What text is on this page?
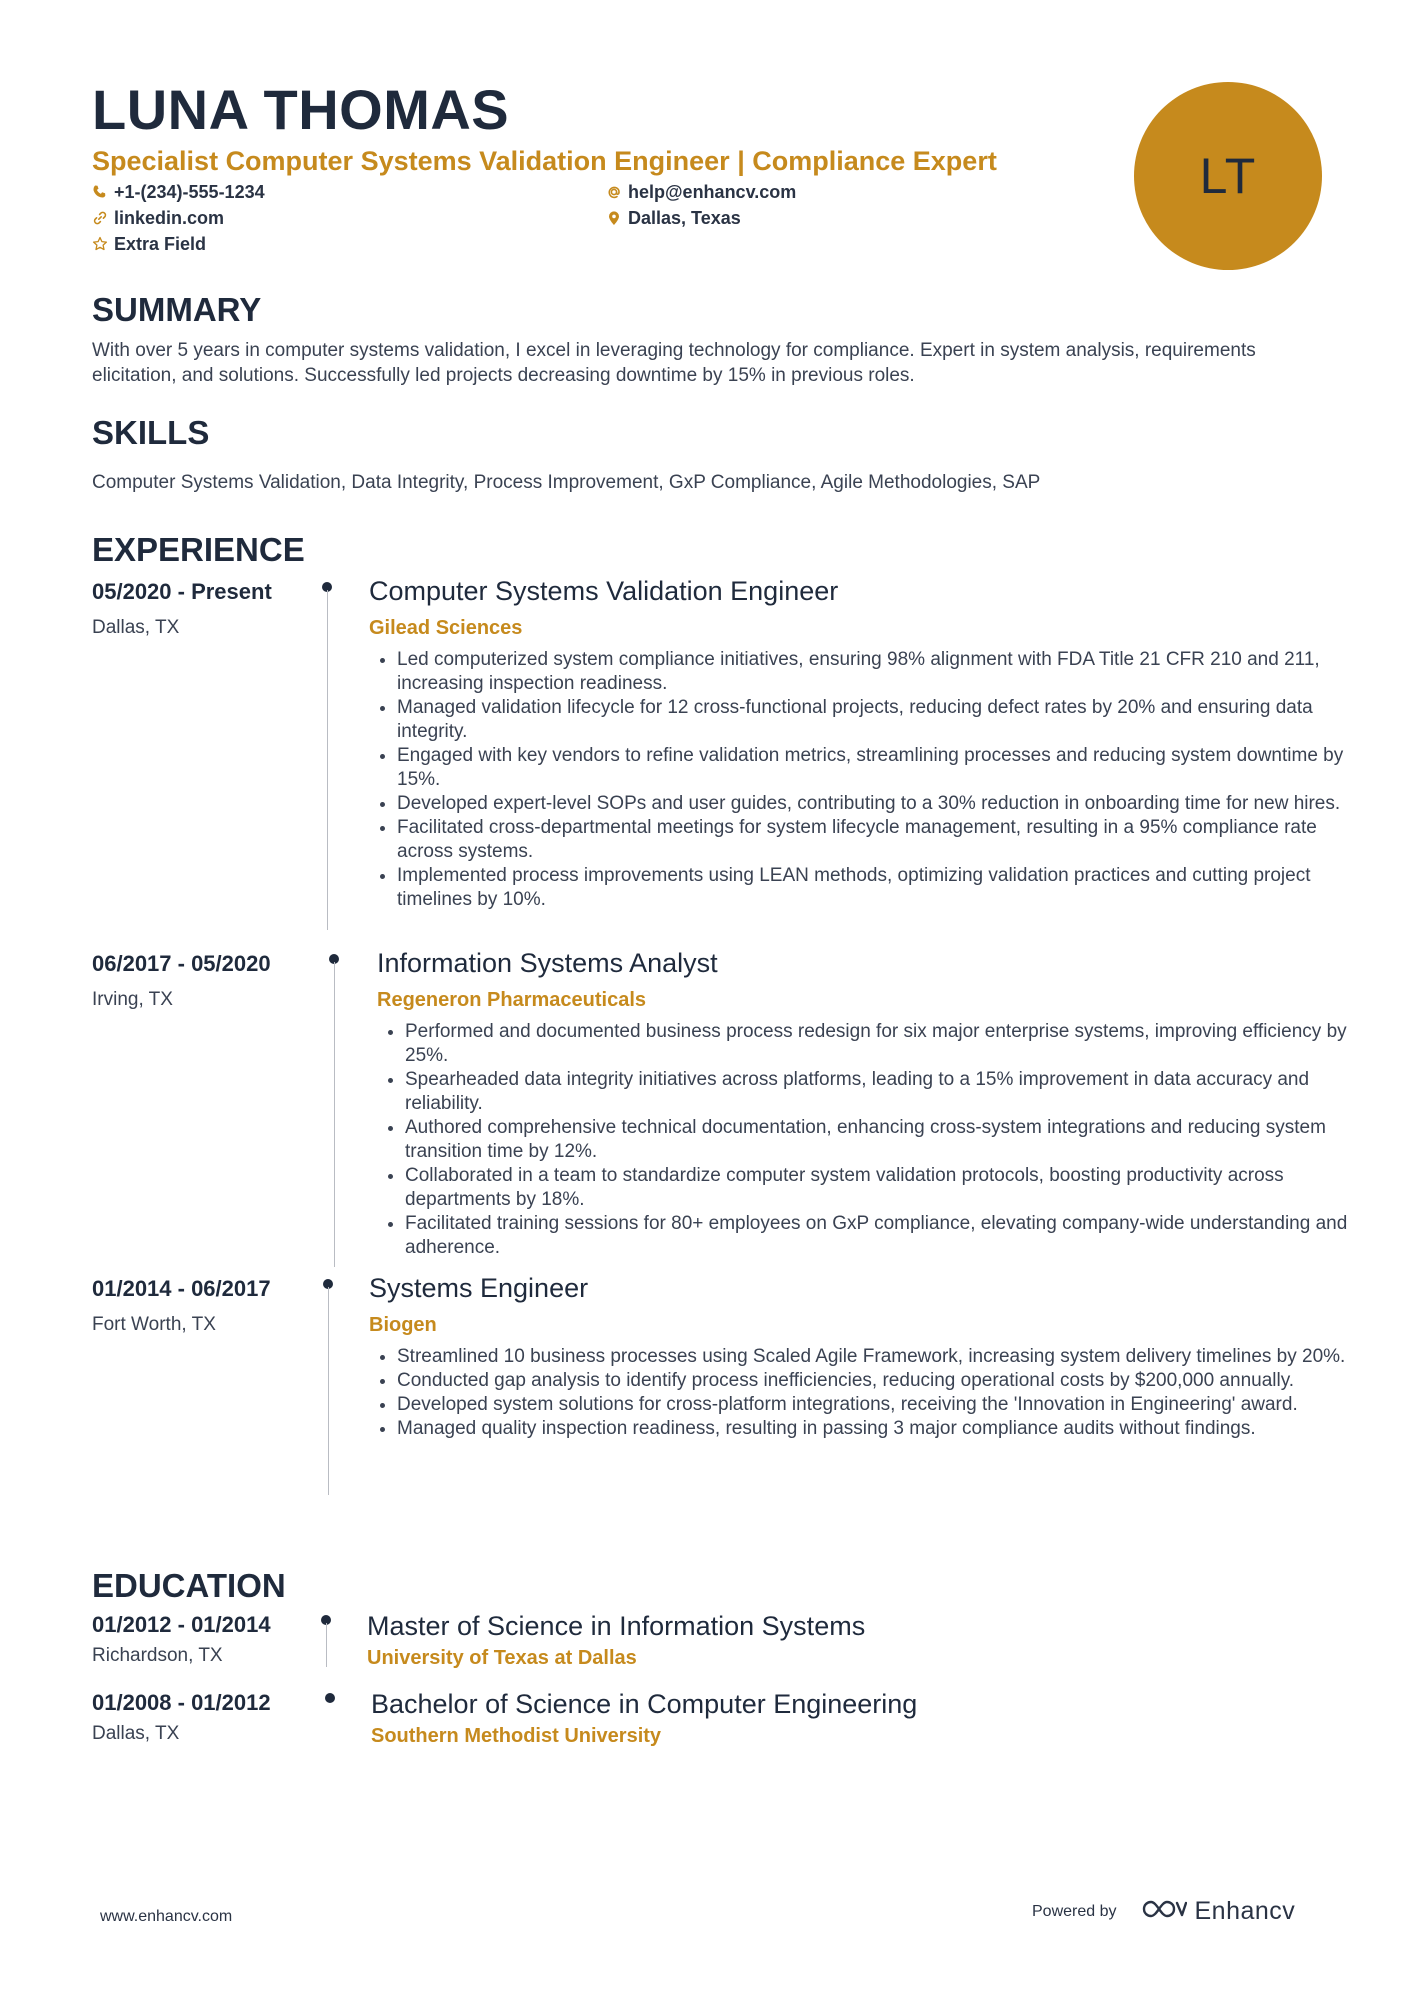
LUNA THOMAS
Specialist Computer Systems Validation Engineer | Compliance Expert
+1-(234)-555-1234	help@enhancv.com
linkedin.com	Dallas, Texas
Extra Field
LT
SUMMARY
With over 5 years in computer systems validation, I excel in leveraging technology for compliance. Expert in system analysis, requirements elicitation, and solutions. Successfully led projects decreasing downtime by 15% in previous roles.
SKILLS
Computer Systems Validation, Data Integrity, Process Improvement, GxP Compliance, Agile Methodologies, SAP
EXPERIENCE
05/2020 - Present
Dallas, TX
Computer Systems Validation Engineer
Gilead Sciences
• Led computerized system compliance initiatives, ensuring 98% alignment with FDA Title 21 CFR 210 and 211, increasing inspection readiness.
• Managed validation lifecycle for 12 cross-functional projects, reducing defect rates by 20% and ensuring data integrity.
• Engaged with key vendors to refine validation metrics, streamlining processes and reducing system downtime by 15%.
• Developed expert-level SOPs and user guides, contributing to a 30% reduction in onboarding time for new hires.
• Facilitated cross-departmental meetings for system lifecycle management, resulting in a 95% compliance rate across systems.
• Implemented process improvements using LEAN methods, optimizing validation practices and cutting project timelines by 10%.
06/2017 - 05/2020
Irving, TX
Information Systems Analyst
Regeneron Pharmaceuticals
• Performed and documented business process redesign for six major enterprise systems, improving efficiency by 25%.
• Spearheaded data integrity initiatives across platforms, leading to a 15% improvement in data accuracy and reliability.
• Authored comprehensive technical documentation, enhancing cross-system integrations and reducing system transition time by 12%.
• Collaborated in a team to standardize computer system validation protocols, boosting productivity across departments by 18%.
• Facilitated training sessions for 80+ employees on GxP compliance, elevating company-wide understanding and adherence.
01/2014 - 06/2017
Fort Worth, TX
Systems Engineer
Biogen
• Streamlined 10 business processes using Scaled Agile Framework, increasing system delivery timelines by 20%.
• Conducted gap analysis to identify process inefficiencies, reducing operational costs by $200,000 annually.
• Developed system solutions for cross-platform integrations, receiving the 'Innovation in Engineering' award.
• Managed quality inspection readiness, resulting in passing 3 major compliance audits without findings.
EDUCATION
01/2012 - 01/2014
Richardson, TX
Master of Science in Information Systems
University of Texas at Dallas
01/2008 - 01/2012
Dallas, TX
Bachelor of Science in Computer Engineering
Southern Methodist University
www.enhancv.com	Powered by	Enhancv
